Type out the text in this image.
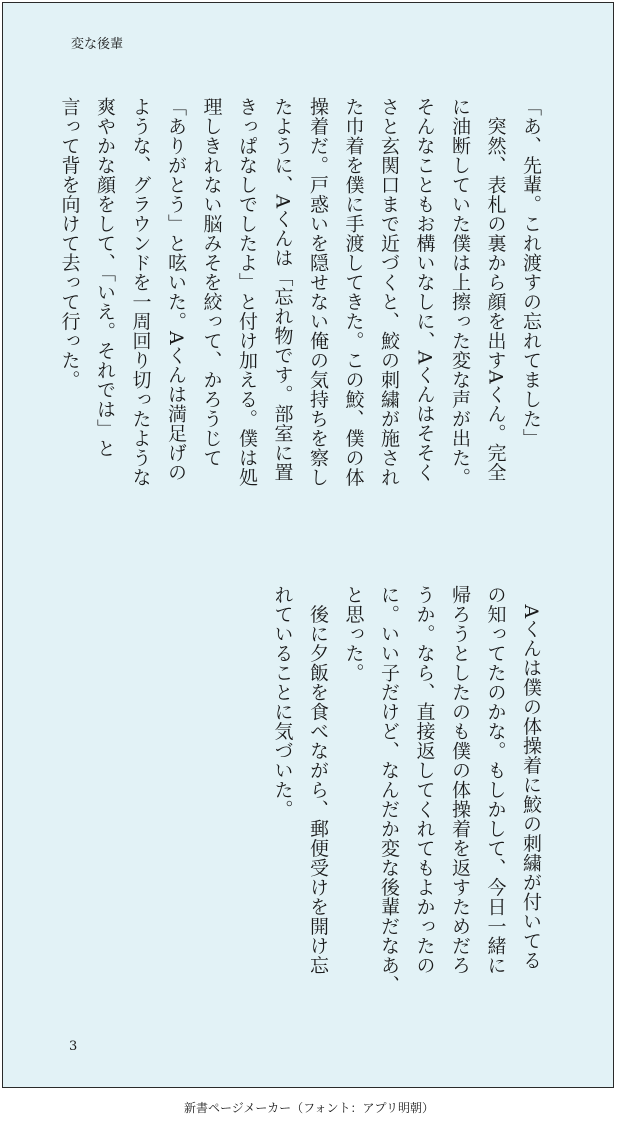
変な後輩
「あ、先輩。これ渡すの忘れてました」
　突然、表札の裏から顔を出すAくん。完全
に油断していた僕は上擦った変な声が出た。
そんなこともお構いなしに、Aくんはそそく
さと玄関口まで近づくと、鮫の刺繍が施され
た巾着を僕に手渡してきた。この鮫、僕の体
操着だ。戸惑いを隠せない俺の気持ちを察し
たように、Aくんは「忘れ物です。部室に置
きっぱなしでしたよ」と付け加える。僕は処
理しきれない脳みそを絞って、かろうじて
「ありがとう」と呟いた。Aくんは満足げの
ような、グラウンドを一周回り切ったような
爽やかな顔をして、「いえ。それでは」と
言って背を向けて去って行った。
　Aくんは僕の体操着に鮫の刺繍が付いてる
の知ってたのかな。もしかして、今日一緒に
帰ろうとしたのも僕の体操着を返すためだろ
うか。なら、直接返してくれてもよかったの
に。いい子だけど、なんだか変な後輩だなあ、
と思った。
　後に夕飯を食べながら、郵便受けを開け忘
れていることに気づいた。
3
新書ページメーカー（フォント：アプリ明朝）
